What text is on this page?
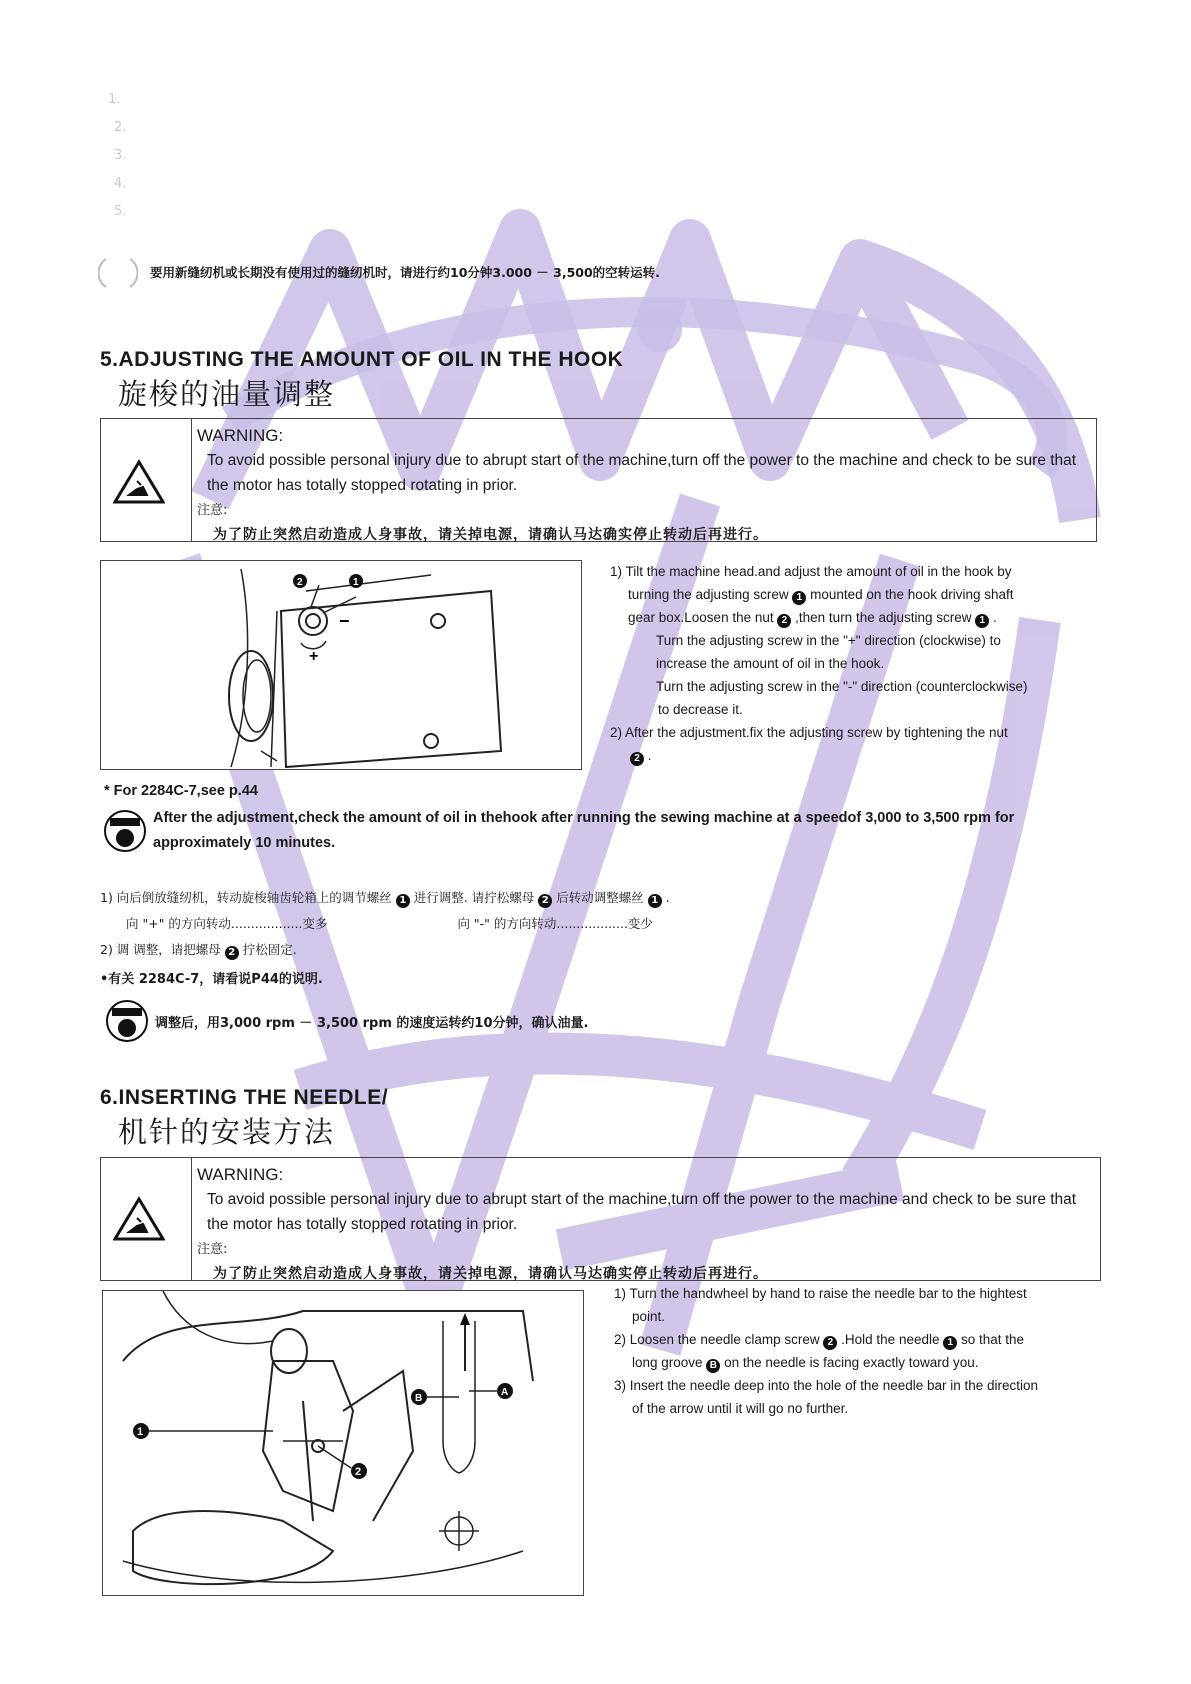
1.
2.
3.
4.
5.
要用新缝纫机或长期没有使用过的缝纫机时，请进行约10分钟3.000 － 3,500的空转运转.
5.ADJUSTING THE AMOUNT OF OIL IN THE HOOK
旋梭的油量调整
WARNING:
To avoid possible personal injury due to abrupt start of the machine,turn off the power to the machine and check to be sure that the motor has totally stopped rotating in prior.
注意:
为了防止突然启动造成人身事故，请关掉电源，请确认马达确实停止转动后再进行。
+
−
2	1

1) Tilt the machine head.and adjust the amount of oil in the hook by

turning the adjusting screw 1 mounted on the hook driving shaft

gear box.Loosen the nut 2 ,then turn the adjusting screw 1 .

Turn the adjusting screw in the "+" direction (clockwise) to

increase the amount of oil in the hook.

Turn the adjusting screw in the "-" direction (counterclockwise)

to decrease it.

2) After the adjustment.fix the adjusting screw by tightening the nut

2 .

* For 2284C-7,see p.44
After the adjustment,check the amount of oil in thehook after running the sewing machine at a speedof 3,000 to 3,500 rpm for approximately 10 minutes.
1) 向后倒放缝纫机，转动旋梭轴齿轮箱上的调节螺丝 1 进行调整. 请拧松螺母 2 后转动调整螺丝 1 .
向 "+" 的方向转动..................变多	向 "-" 的方向转动..................变少
2) 调 调整，请把螺母 2 拧松固定.
•有关 2284C-7，请看说P44的说明.
调整后，用3,000 rpm － 3,500 rpm 的速度运转约10分钟，确认油量.
6.INSERTING THE NEEDLE/
机针的安装方法
WARNING:
To avoid possible personal injury due to abrupt start of the machine,turn off the power to the machine and check to be sure that the motor has totally stopped rotating in prior.
注意:
为了防止突然启动造成人身事故，请关掉电源，请确认马达确实停止转动后再进行。
1
2
B
A

1) Turn the handwheel by hand to raise the needle bar to the hightest

point.

2) Loosen the needle clamp screw 2 .Hold the needle 1 so that the

long groove B on the needle is facing exactly toward you.

3) Insert the needle deep into the hole of the needle bar in the direction

of the arrow until it will go no further.
